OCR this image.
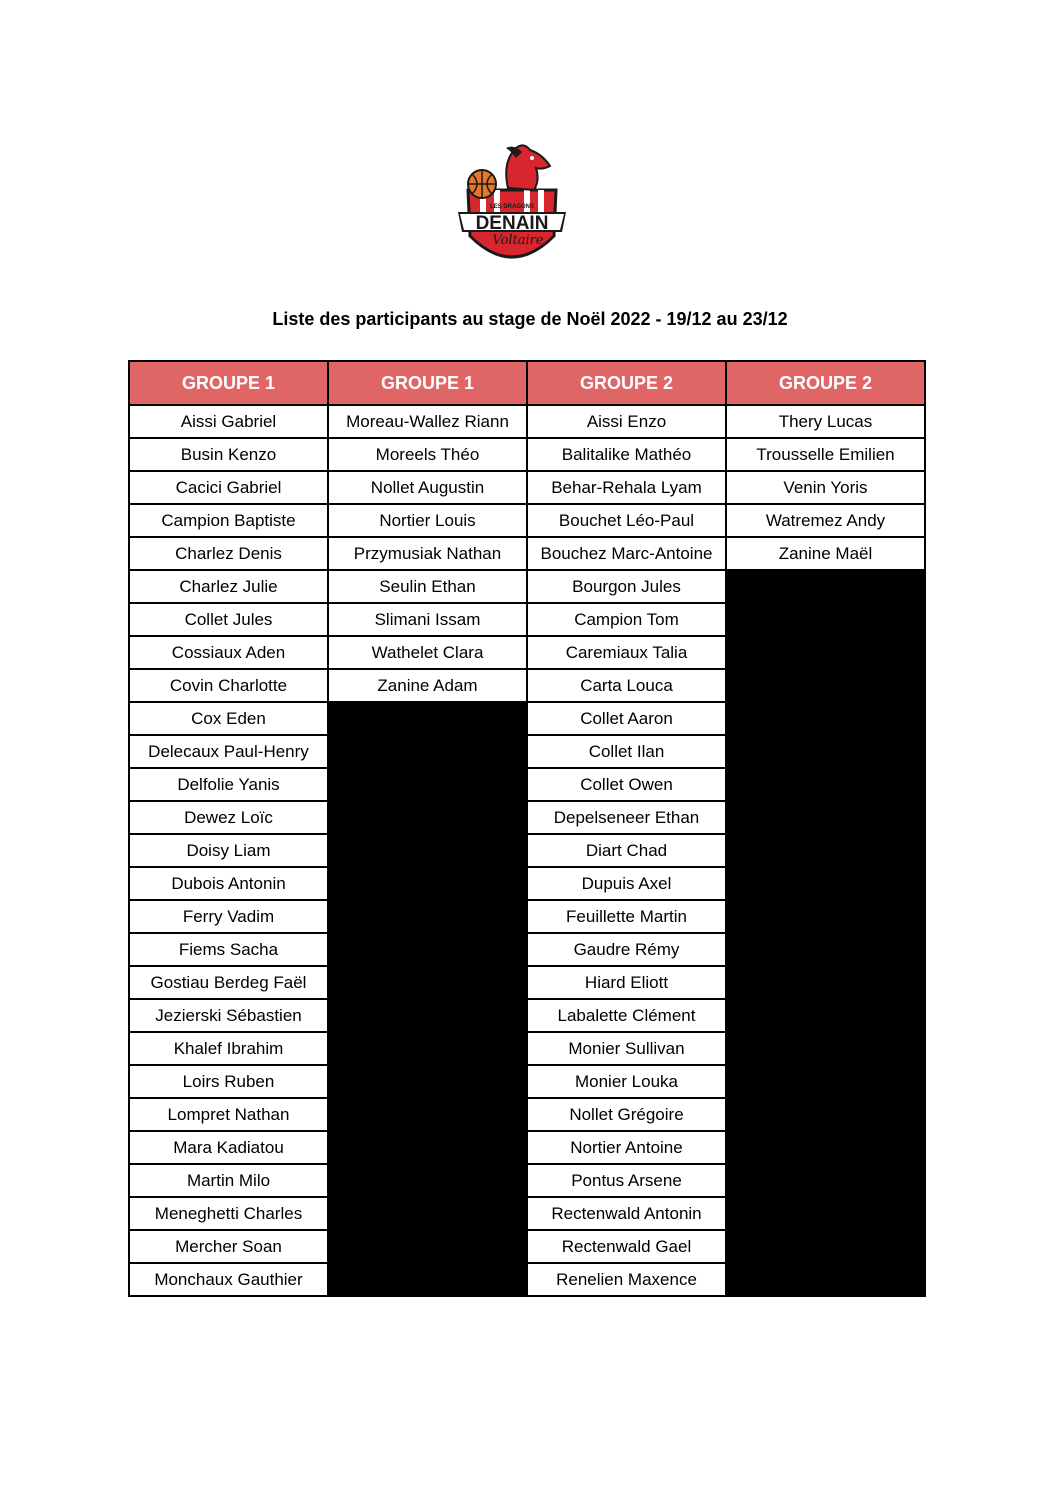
LES DRAGONS
DENAIN
Voltaire
Liste des participants au stage de Noël 2022 - 19/12 au 23/12
GROUPE 1	GROUPE 1	GROUPE 2	GROUPE 2
Aissi Gabriel	Moreau-Wallez Riann	Aissi Enzo	Thery Lucas
Busin Kenzo	Moreels Théo	Balitalike Mathéo	Trousselle Emilien
Cacici Gabriel	Nollet Augustin	Behar-Rehala Lyam	Venin Yoris
Campion Baptiste	Nortier Louis	Bouchet Léo-Paul	Watremez Andy
Charlez Denis	Przymusiak Nathan	Bouchez Marc-Antoine	Zanine Maël
Charlez Julie	Seulin Ethan	Bourgon Jules	
Collet Jules	Slimani Issam	Campion Tom	
Cossiaux Aden	Wathelet Clara	Caremiaux Talia	
Covin Charlotte	Zanine Adam	Carta Louca	
Cox Eden		Collet Aaron	
Delecaux Paul-Henry		Collet Ilan	
Delfolie Yanis		Collet Owen	
Dewez Loïc		Depelseneer Ethan	
Doisy Liam		Diart Chad	
Dubois Antonin		Dupuis Axel	
Ferry Vadim		Feuillette Martin	
Fiems Sacha		Gaudre Rémy	
Gostiau Berdeg Faël		Hiard Eliott	
Jezierski Sébastien		Labalette Clément	
Khalef Ibrahim		Monier Sullivan	
Loirs Ruben		Monier Louka	
Lompret Nathan		Nollet Grégoire	
Mara Kadiatou		Nortier Antoine	
Martin Milo		Pontus Arsene	
Meneghetti Charles		Rectenwald Antonin	
Mercher Soan		Rectenwald Gael	
Monchaux Gauthier		Renelien Maxence	
